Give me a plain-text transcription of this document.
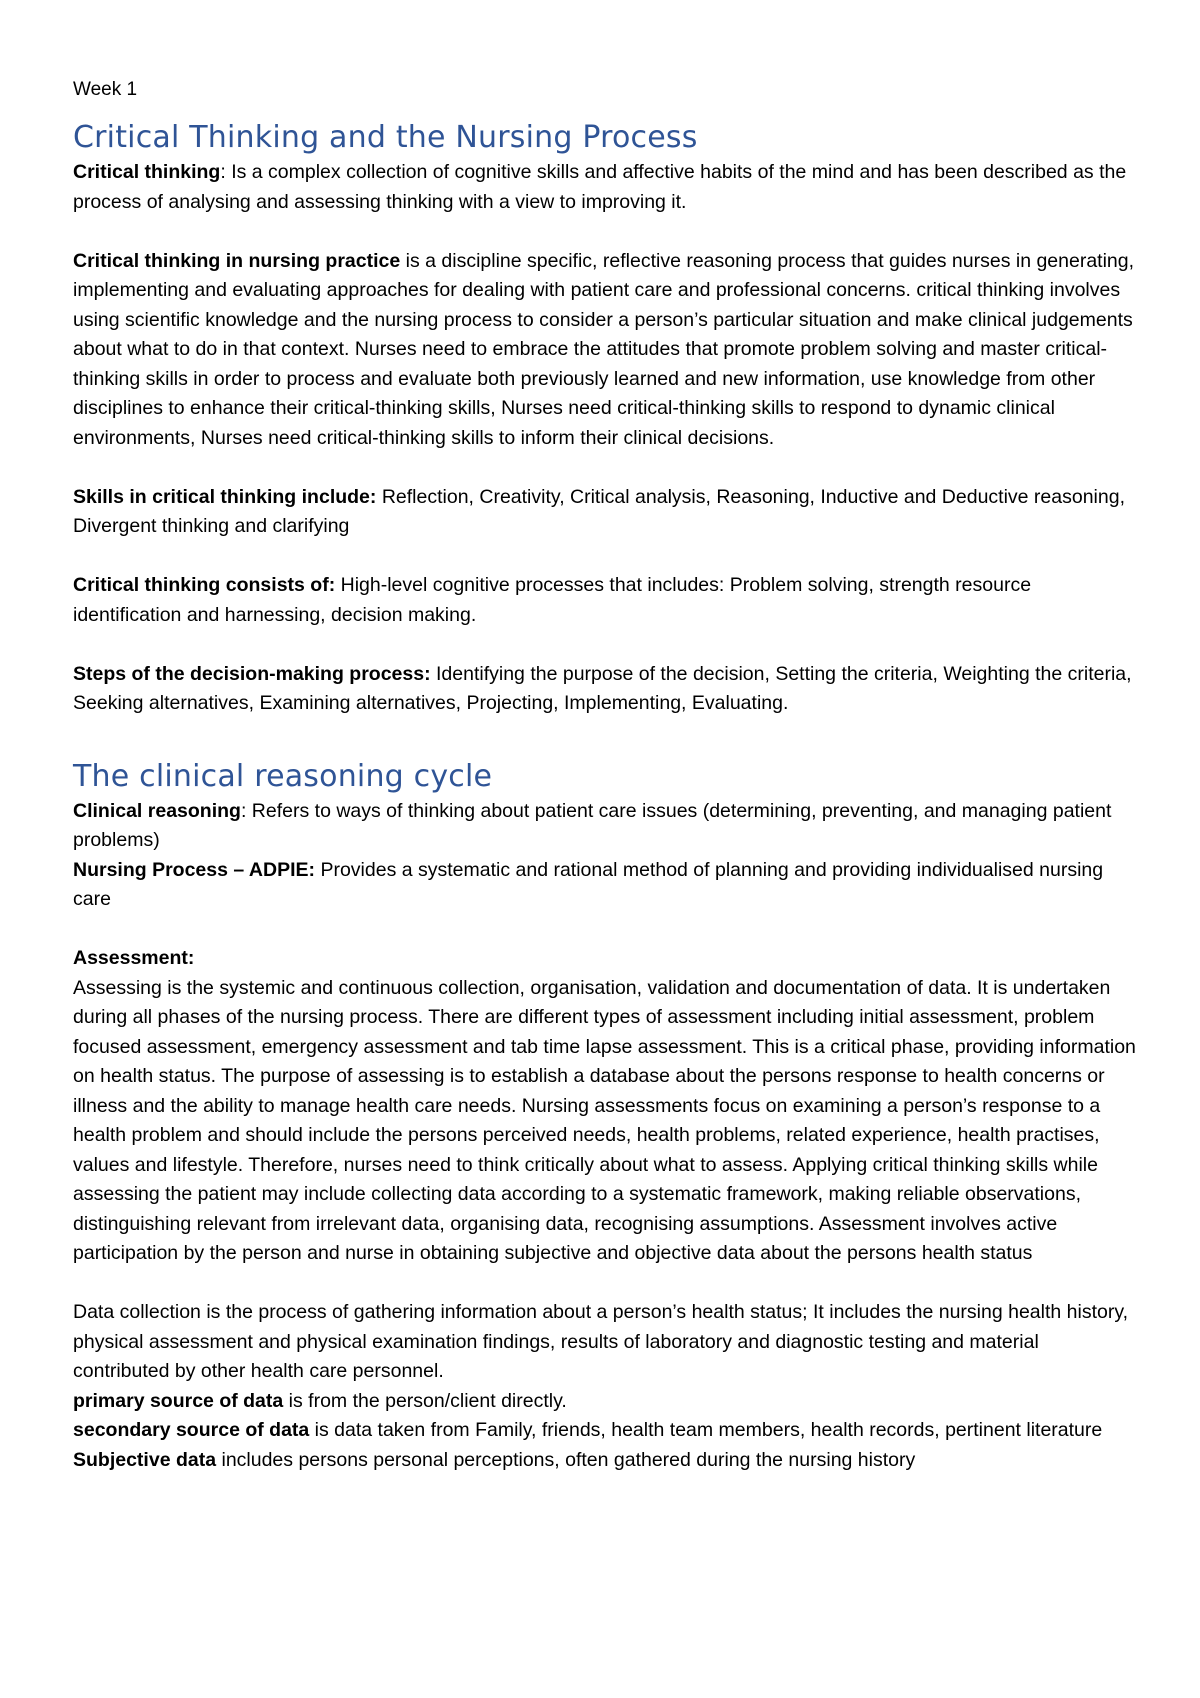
Week 1
Critical Thinking and the Nursing Process

Critical thinking: Is a complex collection of cognitive skills and affective habits of the mind and has been described as the process of analysing and assessing thinking with a view to improving it.

Critical thinking in nursing practice is a discipline specific, reflective reasoning process that guides nurses in generating, implementing and evaluating approaches for dealing with patient care and professional concerns. critical thinking involves using scientific knowledge and the nursing process to consider a person’s particular situation and make clinical judgements about what to do in that context. Nurses need to embrace the attitudes that promote problem solving and master critical-thinking skills in order to process and evaluate both previously learned and new information, use knowledge from other disciplines to enhance their critical-thinking skills, Nurses need critical-thinking skills to respond to dynamic clinical environments, Nurses need critical-thinking skills to inform their clinical decisions.

Skills in critical thinking include: Reflection, Creativity, Critical analysis, Reasoning, Inductive and Deductive reasoning, Divergent thinking and clarifying

Critical thinking consists of: High-level cognitive processes that includes: Problem solving, strength resource identification and harnessing, decision making.

Steps of the decision-making process: Identifying the purpose of the decision, Setting the criteria, Weighting the criteria, Seeking alternatives, Examining alternatives, Projecting, Implementing, Evaluating.

The clinical reasoning cycle

Clinical reasoning: Refers to ways of thinking about patient care issues (determining, preventing, and managing patient problems)

Nursing Process – ADPIE: Provides a systematic and rational method of planning and providing individualised nursing care

Assessment:

Assessing is the systemic and continuous collection, organisation, validation and documentation of data. It is undertaken during all phases of the nursing process. There are different types of assessment including initial assessment, problem focused assessment, emergency assessment and tab time lapse assessment. This is a critical phase, providing information on health status. The purpose of assessing is to establish a database about the persons response to health concerns or illness and the ability to manage health care needs. Nursing assessments focus on examining a person’s response to a health problem and should include the persons perceived needs, health problems, related experience, health practises, values and lifestyle. Therefore, nurses need to think critically about what to assess. Applying critical thinking skills while assessing the patient may include collecting data according to a systematic framework, making reliable observations, distinguishing relevant from irrelevant data, organising data, recognising assumptions. Assessment involves active participation by the person and nurse in obtaining subjective and objective data about the persons health status

Data collection is the process of gathering information about a person’s health status; It includes the nursing health history, physical assessment and physical examination findings, results of laboratory and diagnostic testing and material contributed by other health care personnel.

primary source of data is from the person/client directly.

secondary source of data is data taken from Family, friends, health team members, health records, pertinent literature

Subjective data includes persons personal perceptions, often gathered during the nursing history
